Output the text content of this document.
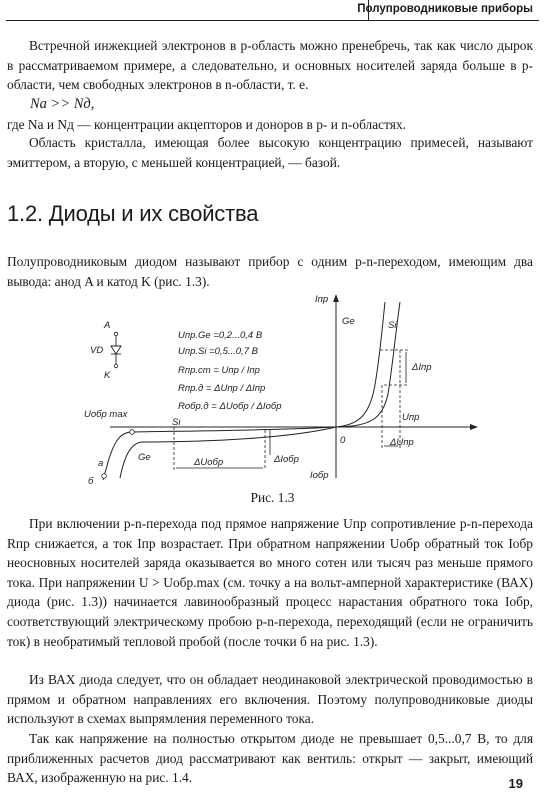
Полупроводниковые приборы

Встречной инжекцией электронов в p-область можно пренебречь, так как число дырок в рассматриваемом примере, а следовательно, и основных носителей заряда больше в p-области, чем свободных электронов в n-области, т. е.

Nа >> Nд,

где Nа и Nд — концентрации акцепторов и доноров в p- и n-областях.

Область кристалла, имеющая более высокую концентрацию примесей, называют эмиттером, а вторую, с меньшей концентрацией, — базой.

1.2. Диоды и их свойства

Полупроводниковым диодом называют прибор с одним p-n-переходом, имеющим два вывода: анод A и катод K (рис. 1.3).

A
VD
K
Iпр
Ge	Si
ΔIпр
Uобр max
Si	Uпр
0	ΔUпр
Ge	ΔUобр	ΔIобр
Iобр
а
б
Uпр.Ge =0,2...0,4 В
Uпр.Si =0,5...0,7 В
Rпр.ст = Uпр / Iпр
Rпр.д = ΔUпр / ΔIпр
Rобр.д = ΔUобр / ΔIобр
Рис. 1.3

При включении p-n-перехода под прямое напряжение Uпр сопротивление p-n-перехода Rпр снижается, а ток Iпр возрастает. При обратном напряжении Uобр обратный ток Iобр неосновных носителей заряда оказывается во много сотен или тысяч раз меньше прямого тока. При напряжении U > Uобр.max (см. точку а на вольт-амперной характеристике (ВАХ) диода (рис. 1.3)) начинается лавинообразный процесс нарастания обратного тока Iобр, соответствующий электрическому пробою p-n-перехода, переходящий (если не ограничить ток) в необратимый тепловой пробой (после точки б на рис. 1.3).

Из ВАХ диода следует, что он обладает неодинаковой электрической проводимостью в прямом и обратном направлениях его включения. Поэтому полупроводниковые диоды используют в схемах выпрямления переменного тока.

Так как напряжение на полностью открытом диоде не превышает 0,5...0,7 В, то для приближенных расчетов диод рассматривают как вентиль: открыт — закрыт, имеющий ВАХ, изображенную на рис. 1.4.	19
